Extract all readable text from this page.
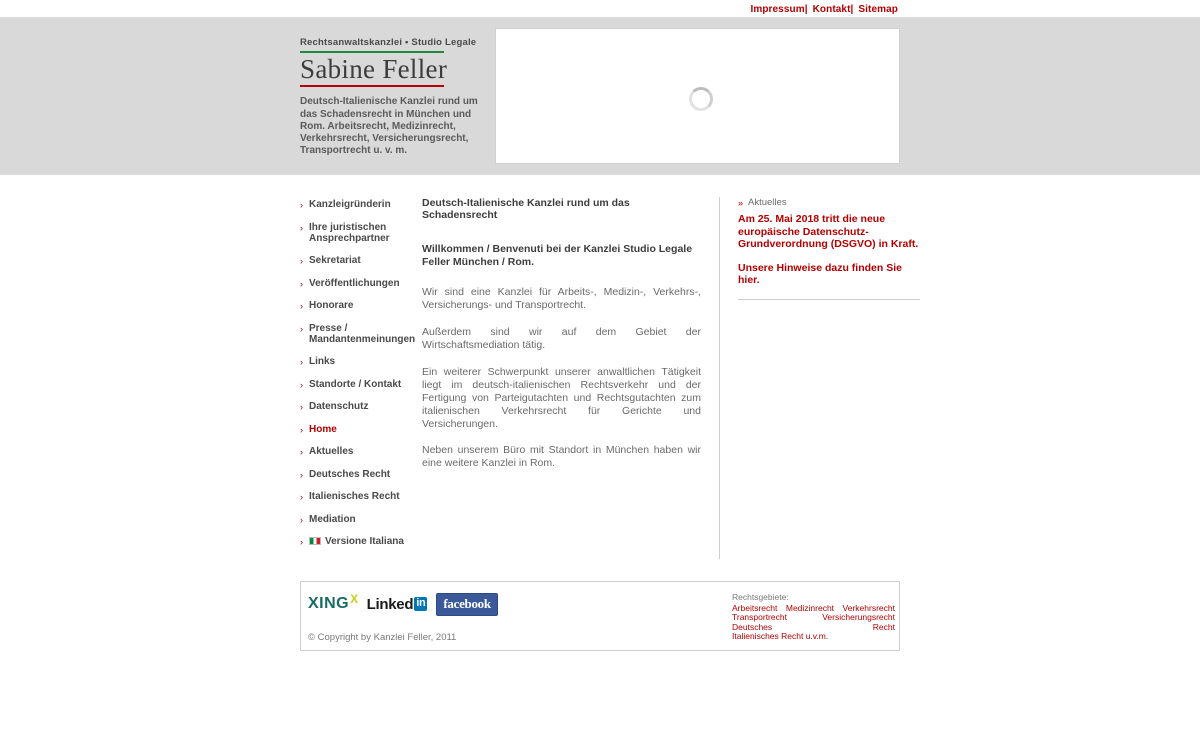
Impressum| Kontakt| Sitemap
Rechtsanwaltskanzlei • Studio Legale
Sabine Feller
Deutsch-Italienische Kanzlei rund um das Schadensrecht in München und Rom. Arbeitsrecht, Medizinrecht, Verkehrsrecht, Versicherungsrecht, Transportrecht u. v. m.
› Kanzleigründerin
› Ihre juristischen Ansprechpartner
› Sekretariat
› Veröffentlichungen
› Honorare
› Presse / Mandantenmeinungen
› Links
› Standorte / Kontakt
› Datenschutz
› Home
› Aktuelles
› Deutsches Recht
› Italienisches Recht
› Mediation
›	Versione Italiana
Deutsch-Italienische Kanzlei rund um das Schadensrecht
Willkommen / Benvenuti bei der Kanzlei Studio Legale Feller München / Rom.

Wir sind eine Kanzlei für Arbeits-, Medizin-, Verkehrs-, Versicherungs- und Transportrecht.

Außerdem sind wir auf dem Gebiet der Wirtschaftsmediation tätig.

Ein weiterer Schwerpunkt unserer anwaltlichen Tätigkeit liegt im deutsch-italienischen Rechtsverkehr und der Fertigung von Parteigutachten und Rechtsgutachten zum italienischen Verkehrsrecht für Gerichte und Versicherungen.

Neben unserem Büro mit Standort in München haben wir eine weitere Kanzlei in Rom.

» Aktuelles
Am 25. Mai 2018 tritt die neue europäische Datenschutz-Grundverordnung (DSGVO) in Kraft.
Unsere Hinweise dazu finden Sie hier.
$XING^X$ Linked in	facebook
© Copyright by Kanzlei Feller, 2011
Rechtsgebiete:
Arbeitsrecht Medizinrecht Verkehrsrecht Transportrecht	Versicherungsrecht Deutsches Recht Italienisches Recht u.v.m.
